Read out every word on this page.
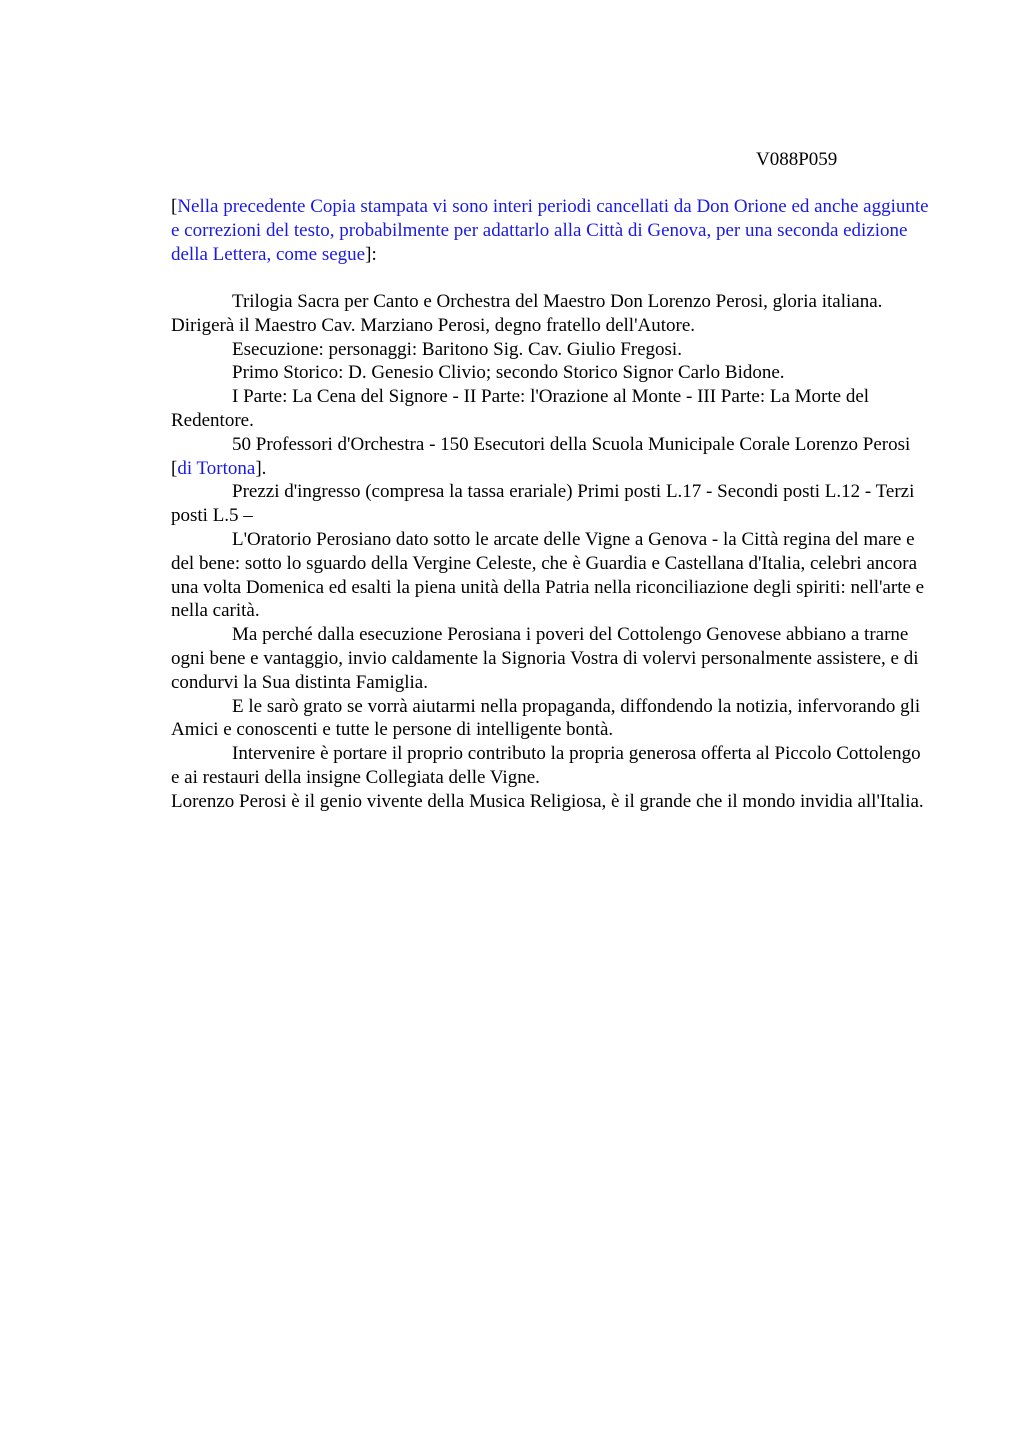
V088P059

[Nella precedente Copia stampata vi sono interi periodi cancellati da Don Orione ed anche aggiunte e correzioni del testo, probabilmente per adattarlo alla Città di Genova, per una seconda edizione della Lettera, come segue]:

Trilogia Sacra per Canto e Orchestra del Maestro Don Lorenzo Perosi, gloria italiana. Dirigerà il Maestro Cav. Marziano Perosi, degno fratello dell'Autore.

Esecuzione: personaggi: Baritono Sig. Cav. Giulio Fregosi.

Primo Storico: D. Genesio Clivio; secondo Storico Signor Carlo Bidone.

I Parte: La Cena del Signore - II Parte: l'Orazione al Monte - III Parte: La Morte del Redentore.

50 Professori d'Orchestra - 150 Esecutori della Scuola Municipale Corale Lorenzo Perosi [di Tortona].

Prezzi d'ingresso (compresa la tassa erariale) Primi posti L.17 - Secondi posti L.12 - Terzi posti L.5 –

L'Oratorio Perosiano dato sotto le arcate delle Vigne a Genova - la Città regina del mare e del bene: sotto lo sguardo della Vergine Celeste, che è Guardia e Castellana d'Italia, celebri ancora una volta Domenica ed esalti la piena unità della Patria nella riconciliazione degli spiriti: nell'arte e nella carità.

Ma perché dalla esecuzione Perosiana i poveri del Cottolengo Genovese abbiano a trarne ogni bene e vantaggio, invio caldamente la Signoria Vostra di volervi personalmente assistere, e di condurvi la Sua distinta Famiglia.

E le sarò grato se vorrà aiutarmi nella propaganda, diffondendo la notizia, infervorando gli Amici e conoscenti e tutte le persone di intelligente bontà.

Intervenire è portare il proprio contributo la propria generosa offerta al Piccolo Cottolengo e ai restauri della insigne Collegiata delle Vigne.

Lorenzo Perosi è il genio vivente della Musica Religiosa, è il grande che il mondo invidia all'Italia.
